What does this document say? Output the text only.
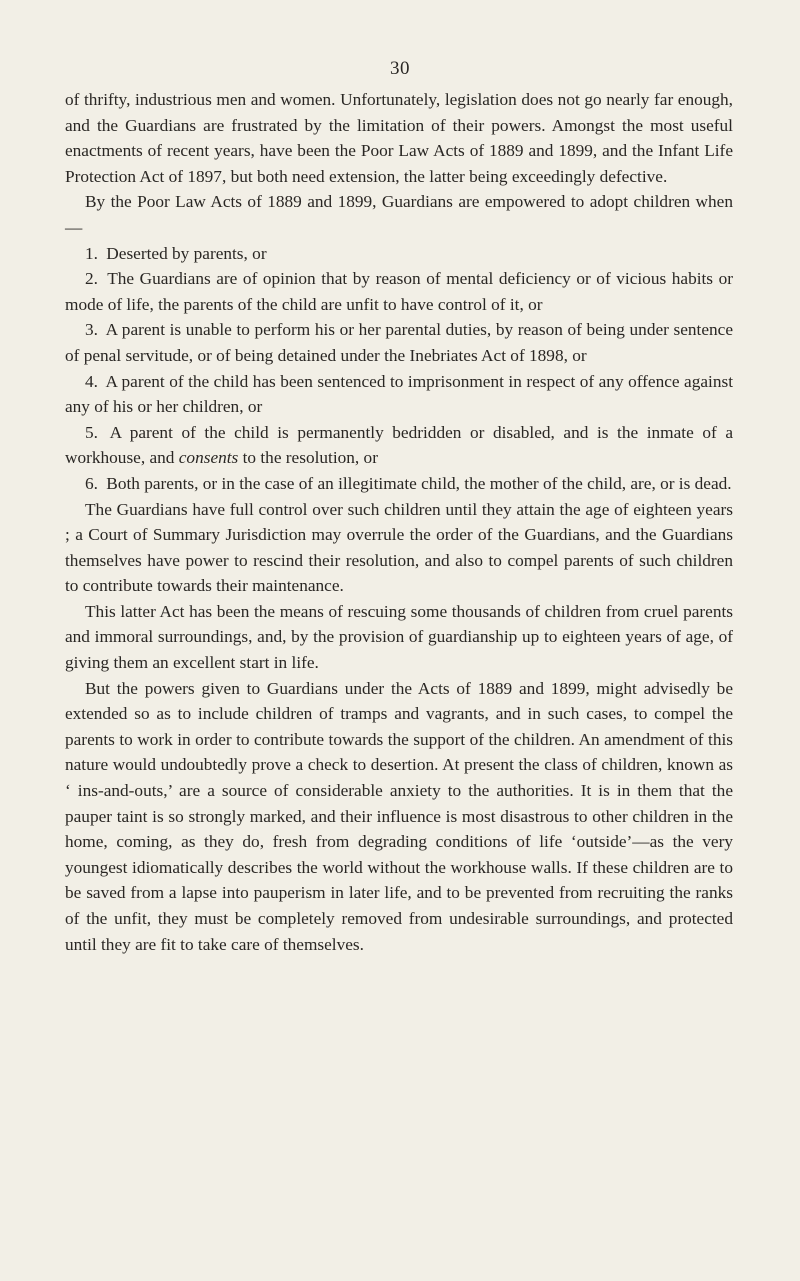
30

of thrifty, industrious men and women. Unfortunately, legislation does not go nearly far enough, and the Guardians are frustrated by the limitation of their powers. Amongst the most useful enactments of recent years, have been the Poor Law Acts of 1889 and 1899, and the Infant Life Protection Act of 1897, but both need extension, the latter being exceedingly defective.

By the Poor Law Acts of 1889 and 1899, Guardians are empowered to adopt children when—

1. Deserted by parents, or

2. The Guardians are of opinion that by reason of mental deficiency or of vicious habits or mode of life, the parents of the child are unfit to have control of it, or

3. A parent is unable to perform his or her parental duties, by reason of being under sentence of penal servitude, or of being detained under the Inebriates Act of 1898, or

4. A parent of the child has been sentenced to imprisonment in respect of any offence against any of his or her children, or

5. A parent of the child is permanently bedridden or disabled, and is the inmate of a workhouse, and consents to the resolution, or

6. Both parents, or in the case of an illegitimate child, the mother of the child, are, or is dead.

The Guardians have full control over such children until they attain the age of eighteen years ; a Court of Summary Jurisdiction may overrule the order of the Guardians, and the Guardians themselves have power to rescind their resolution, and also to compel parents of such children to contribute towards their maintenance.

This latter Act has been the means of rescuing some thousands of children from cruel parents and immoral surroundings, and, by the provision of guardianship up to eighteen years of age, of giving them an excellent start in life.

But the powers given to Guardians under the Acts of 1889 and 1899, might advisedly be extended so as to include children of tramps and vagrants, and in such cases, to compel the parents to work in order to contribute towards the support of the children. An amendment of this nature would undoubtedly prove a check to desertion. At present the class of children, known as ‘ ins-and-outs,’ are a source of considerable anxiety to the authorities. It is in them that the pauper taint is so strongly marked, and their influence is most disastrous to other children in the home, coming, as they do, fresh from degrading conditions of life ‘outside’—as the very youngest idiomatically describes the world without the workhouse walls. If these children are to be saved from a lapse into pauperism in later life, and to be prevented from recruiting the ranks of the unfit, they must be completely removed from undesirable surroundings, and protected until they are fit to take care of themselves.
